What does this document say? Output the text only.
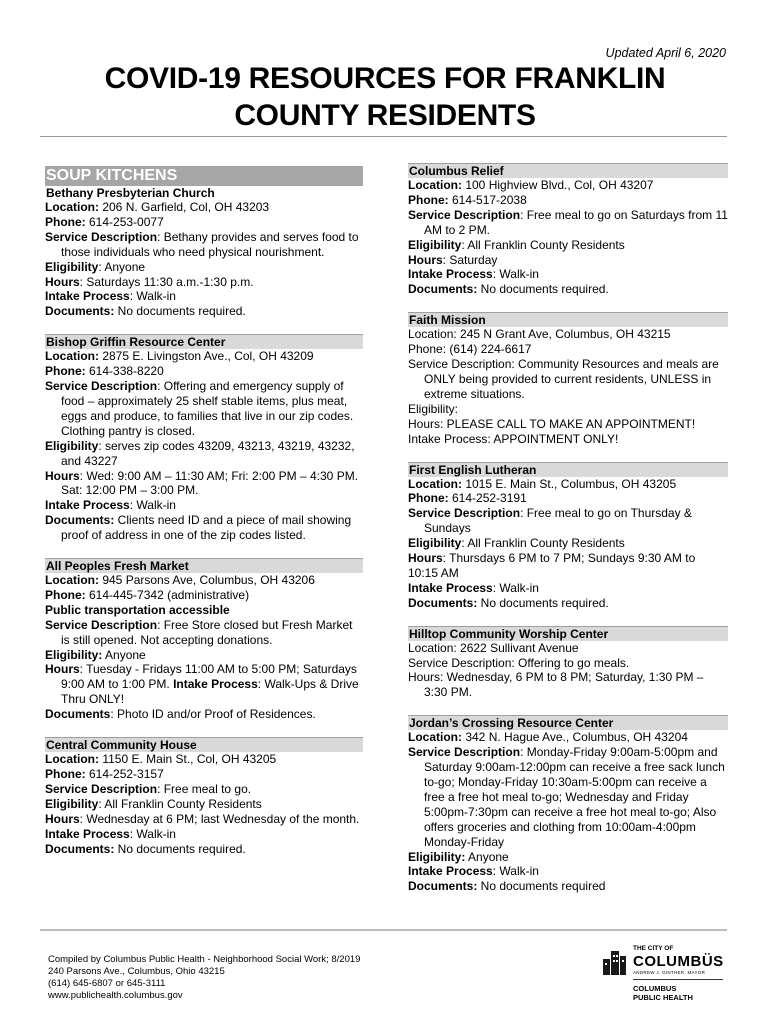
Updated April 6, 2020
COVID-19 RESOURCES FOR FRANKLIN
COUNTY RESIDENTS
SOUP KITCHENS
Bethany Presbyterian Church
Location: 206 N. Garfield, Col, OH 43203
Phone: 614-253-0077
Service Description: Bethany provides and serves food to those individuals who need physical nourishment.
Eligibility: Anyone
Hours: Saturdays 11:30 a.m.-1:30 p.m.
Intake Process: Walk-in
Documents: No documents required.
Bishop Griffin Resource Center
Location: 2875 E. Livingston Ave., Col, OH 43209
Phone: 614-338-8220
Service Description: Offering and emergency supply of food – approximately 25 shelf stable items, plus meat, eggs and produce, to families that live in our zip codes. Clothing pantry is closed.
Eligibility: serves zip codes 43209, 43213, 43219, 43232, and 43227
Hours: Wed: 9:00 AM – 11:30 AM; Fri: 2:00 PM – 4:30 PM. Sat: 12:00 PM – 3:00 PM.
Intake Process: Walk-in
Documents: Clients need ID and a piece of mail showing proof of address in one of the zip codes listed.
All Peoples Fresh Market
Location: 945 Parsons Ave, Columbus, OH 43206
Phone: 614-445-7342 (administrative)
Public transportation accessible
Service Description: Free Store closed but Fresh Market is still opened. Not accepting donations.
Eligibility: Anyone
Hours: Tuesday - Fridays 11:00 AM to 5:00 PM; Saturdays 9:00 AM to 1:00 PM. Intake Process: Walk-Ups & Drive Thru ONLY!
Documents: Photo ID and/or Proof of Residences.
Central Community House
Location: 1150 E. Main St., Col, OH 43205
Phone: 614-252-3157
Service Description: Free meal to go.
Eligibility: All Franklin County Residents
Hours: Wednesday at 6 PM; last Wednesday of the month.
Intake Process: Walk-in
Documents: No documents required.
Columbus Relief
Location: 100 Highview Blvd., Col, OH 43207
Phone: 614-517-2038
Service Description: Free meal to go on Saturdays from 11 AM to 2 PM.
Eligibility: All Franklin County Residents
Hours: Saturday
Intake Process: Walk-in
Documents: No documents required.
Faith Mission
Location: 245 N Grant Ave, Columbus, OH 43215
Phone: (614) 224-6617
Service Description: Community Resources and meals are ONLY being provided to current residents, UNLESS in extreme situations.
Eligibility:
Hours: PLEASE CALL TO MAKE AN APPOINTMENT!
Intake Process: APPOINTMENT ONLY!
First English Lutheran
Location: 1015 E. Main St., Columbus, OH 43205
Phone: 614-252-3191
Service Description: Free meal to go on Thursday & Sundays
Eligibility: All Franklin County Residents
Hours: Thursdays 6 PM to 7 PM; Sundays 9:30 AM to 10:15 AM
Intake Process: Walk-in
Documents: No documents required.
Hilltop Community Worship Center
Location: 2622 Sullivant Avenue
Service Description: Offering to go meals.
Hours: Wednesday, 6 PM to 8 PM; Saturday, 1:30 PM – 3:30 PM.
Jordan’s Crossing Resource Center
Location: 342 N. Hague Ave., Columbus, OH 43204
Service Description: Monday-Friday 9:00am-5:00pm and Saturday 9:00am-12:00pm can receive a free sack lunch to-go; Monday-Friday 10:30am-5:00pm can receive a free a free hot meal to-go; Wednesday and Friday 5:00pm-7:30pm can receive a free hot meal to-go; Also offers groceries and clothing from 10:00am-4:00pm Monday-Friday
Eligibility: Anyone
Intake Process: Walk-in
Documents: No documents required
Compiled by Columbus Public Health - Neighborhood Social Work; 8/2019
240 Parsons Ave., Columbus, Ohio 43215
(614) 645-6807 or 645-3111
www.publichealth.columbus.gov
THE CITY OF
COLUMBÜS
ANDREW J. GINTHER, MAYOR
COLUMBUS
PUBLIC HEALTH
